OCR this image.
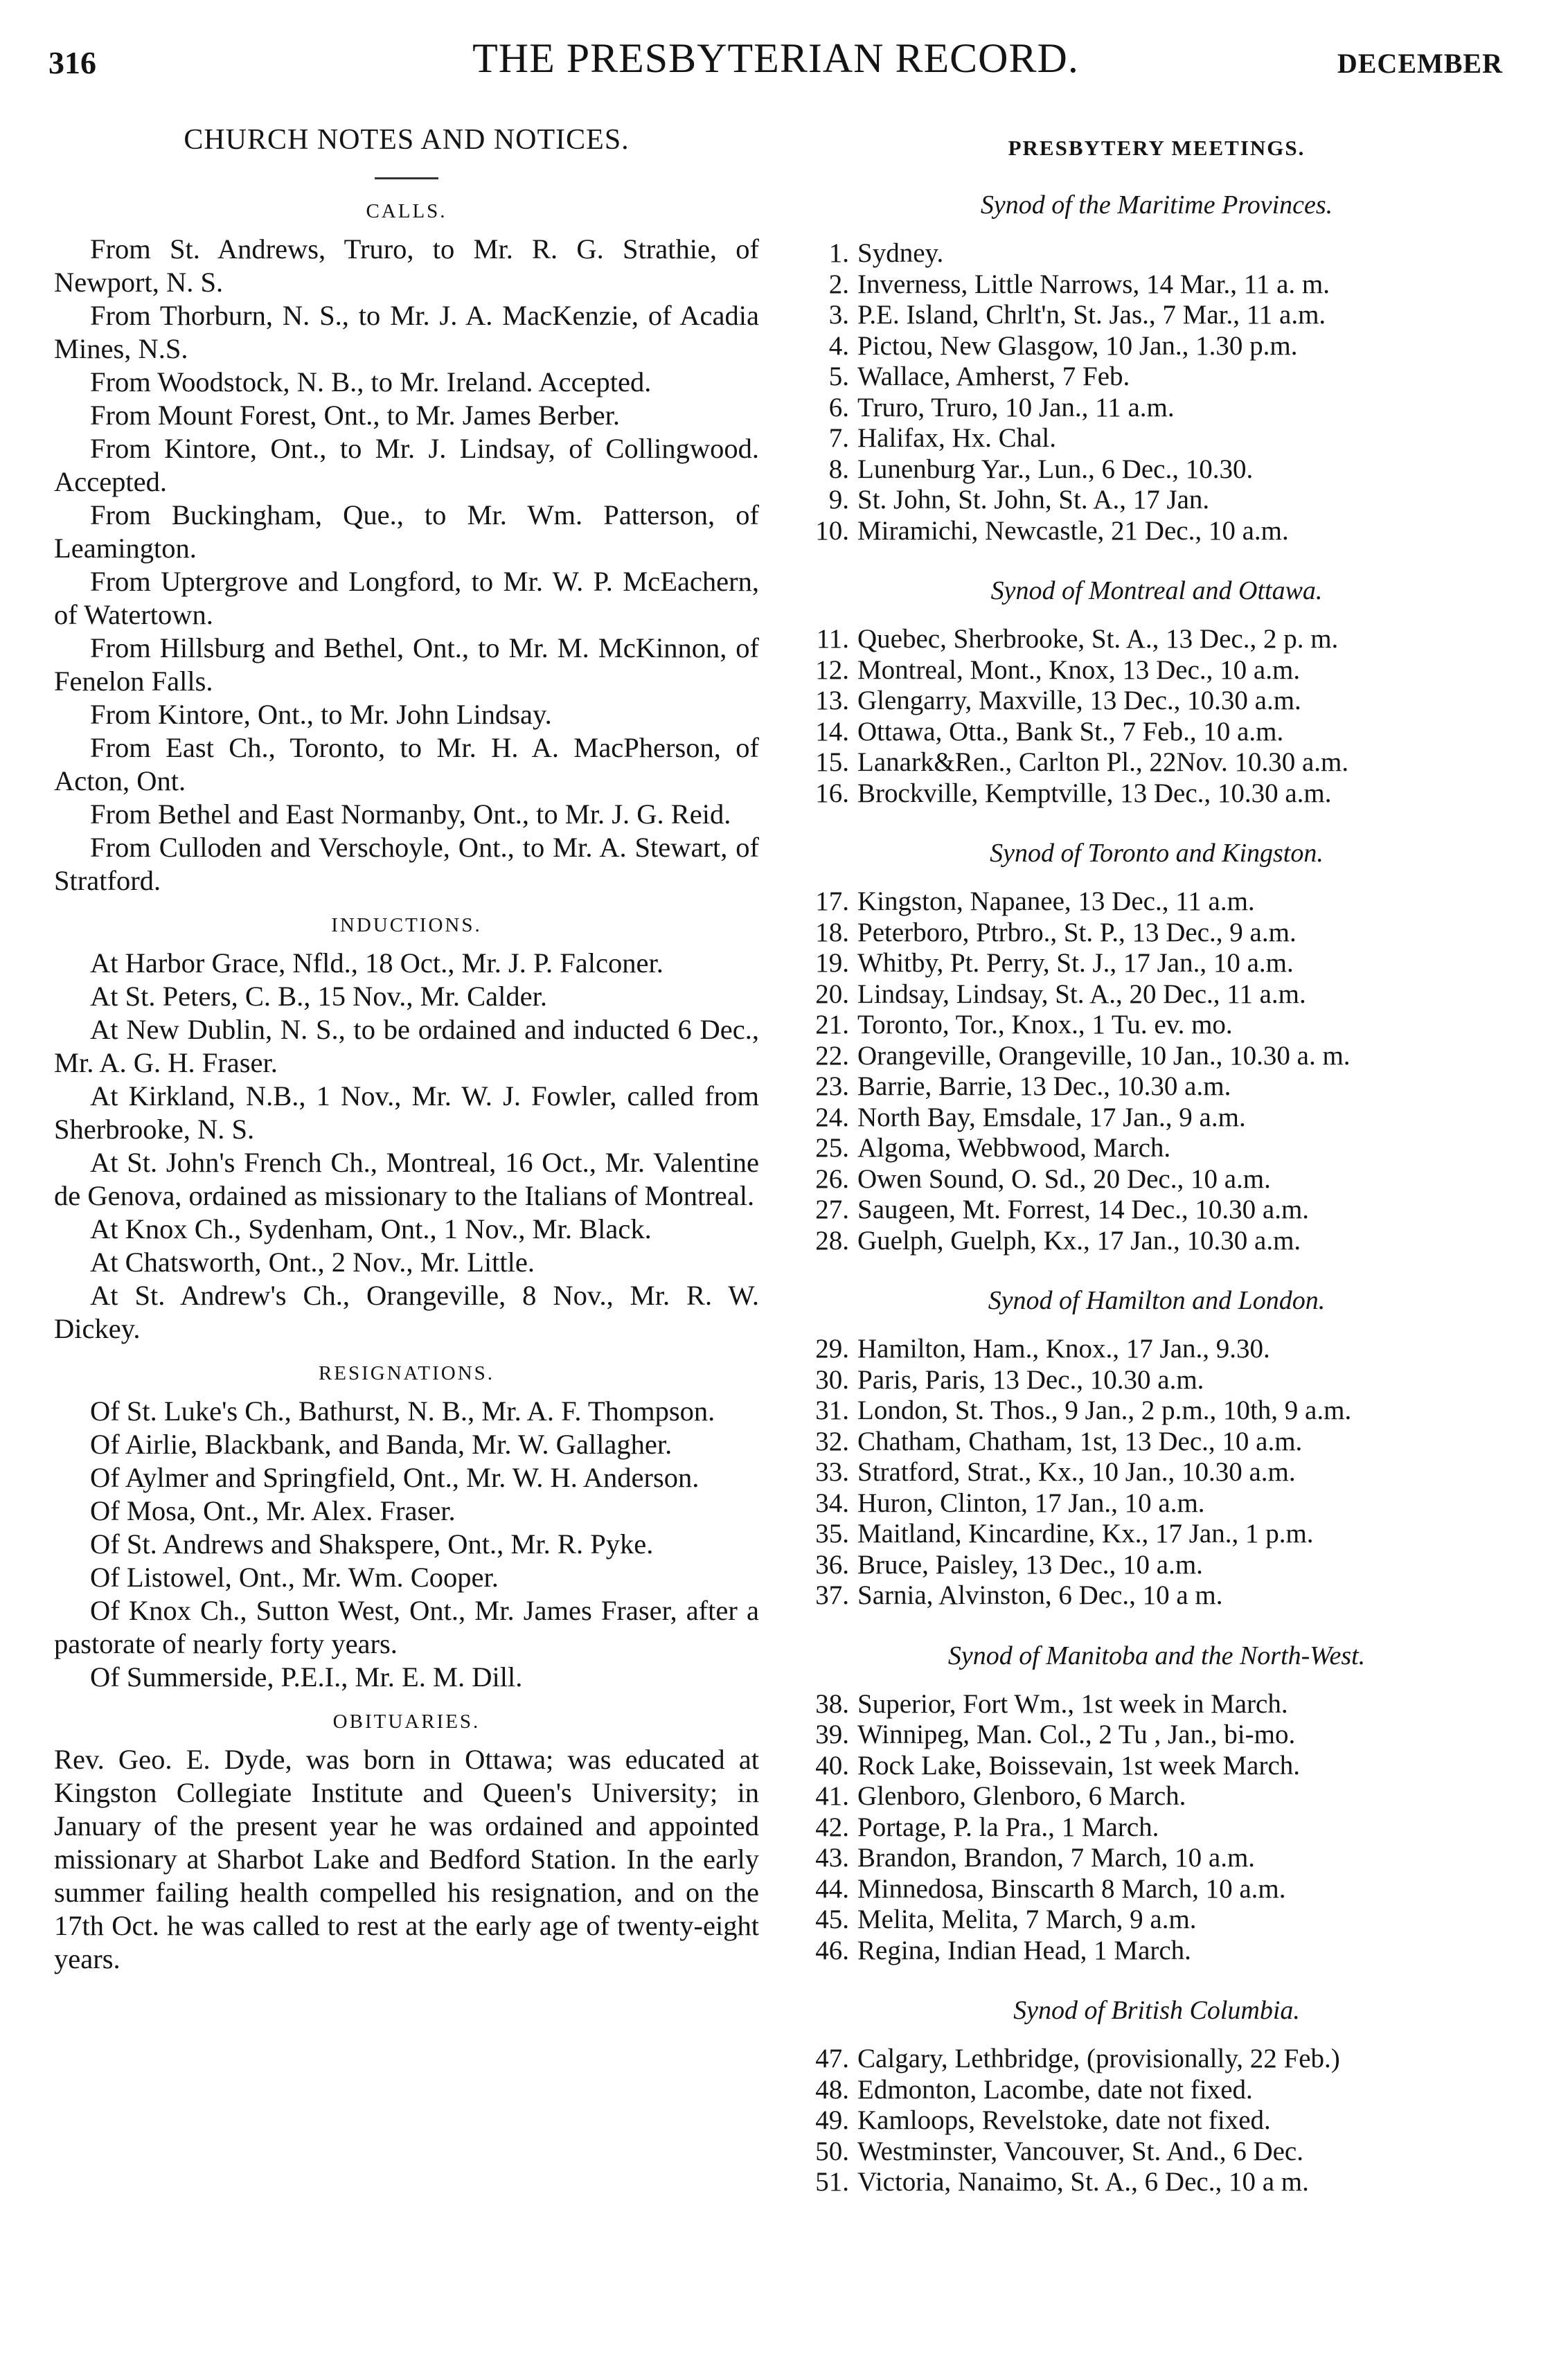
316	THE PRESBYTERIAN RECORD.	DECEMBER
CHURCH NOTES AND NOTICES.
CALLS.

From St. Andrews, Truro, to Mr. R. G. Strathie, of Newport, N. S.

From Thorburn, N. S., to Mr. J. A. MacKenzie, of Acadia Mines, N.S.

From Woodstock, N. B., to Mr. Ireland. Accepted.

From Mount Forest, Ont., to Mr. James Berber.

From Kintore, Ont., to Mr. J. Lindsay, of Collingwood. Accepted.

From Buckingham, Que., to Mr. Wm. Patterson, of Leamington.

From Uptergrove and Longford, to Mr. W. P. McEachern, of Watertown.

From Hillsburg and Bethel, Ont., to Mr. M. McKinnon, of Fenelon Falls.

From Kintore, Ont., to Mr. John Lindsay.

From East Ch., Toronto, to Mr. H. A. MacPherson, of Acton, Ont.

From Bethel and East Normanby, Ont., to Mr. J. G. Reid.

From Culloden and Verschoyle, Ont., to Mr. A. Stewart, of Stratford.

INDUCTIONS.

At Harbor Grace, Nfld., 18 Oct., Mr. J. P. Falconer.

At St. Peters, C. B., 15 Nov., Mr. Calder.

At New Dublin, N. S., to be ordained and inducted 6 Dec., Mr. A. G. H. Fraser.

At Kirkland, N.B., 1 Nov., Mr. W. J. Fowler, called from Sherbrooke, N. S.

At St. John's French Ch., Montreal, 16 Oct., Mr. Valentine de Genova, ordained as missionary to the Italians of Montreal.

At Knox Ch., Sydenham, Ont., 1 Nov., Mr. Black.

At Chatsworth, Ont., 2 Nov., Mr. Little.

At St. Andrew's Ch., Orangeville, 8 Nov., Mr. R. W. Dickey.

RESIGNATIONS.

Of St. Luke's Ch., Bathurst, N. B., Mr. A. F. Thompson.

Of Airlie, Blackbank, and Banda, Mr. W. Gallagher.

Of Aylmer and Springfield, Ont., Mr. W. H. Anderson.

Of Mosa, Ont., Mr. Alex. Fraser.

Of St. Andrews and Shakspere, Ont., Mr. R. Pyke.

Of Listowel, Ont., Mr. Wm. Cooper.

Of Knox Ch., Sutton West, Ont., Mr. James Fraser, after a pastorate of nearly forty years.

Of Summerside, P.E.I., Mr. E. M. Dill.

OBITUARIES.

Rev. Geo. E. Dyde, was born in Ottawa; was educated at Kingston Collegiate Institute and Queen's University; in January of the present year he was ordained and appointed missionary at Sharbot Lake and Bedford Station. In the early summer failing health compelled his resignation, and on the 17th Oct. he was called to rest at the early age of twenty-eight years.

PRESBYTERY MEETINGS.
Synod of the Maritime Provinces.
1. Sydney.
2. Inverness, Little Narrows, 14 Mar., 11 a. m.
3. P.E. Island, Chrlt'n, St. Jas., 7 Mar., 11 a.m.
4. Pictou, New Glasgow, 10 Jan., 1.30 p.m.
5. Wallace, Amherst, 7 Feb.
6. Truro, Truro, 10 Jan., 11 a.m.
7. Halifax, Hx. Chal.
8. Lunenburg Yar., Lun., 6 Dec., 10.30.
9. St. John, St. John, St. A., 17 Jan.
10. Miramichi, Newcastle, 21 Dec., 10 a.m.
Synod of Montreal and Ottawa.
11. Quebec, Sherbrooke, St. A., 13 Dec., 2 p. m.
12. Montreal, Mont., Knox, 13 Dec., 10 a.m.
13. Glengarry, Maxville, 13 Dec., 10.30 a.m.
14. Ottawa, Otta., Bank St., 7 Feb., 10 a.m.
15. Lanark&Ren., Carlton Pl., 22Nov. 10.30 a.m.
16. Brockville, Kemptville, 13 Dec., 10.30 a.m.
Synod of Toronto and Kingston.
17. Kingston, Napanee, 13 Dec., 11 a.m.
18. Peterboro, Ptrbro., St. P., 13 Dec., 9 a.m.
19. Whitby, Pt. Perry, St. J., 17 Jan., 10 a.m.
20. Lindsay, Lindsay, St. A., 20 Dec., 11 a.m.
21. Toronto, Tor., Knox., 1 Tu. ev. mo.
22. Orangeville, Orangeville, 10 Jan., 10.30 a. m.
23. Barrie, Barrie, 13 Dec., 10.30 a.m.
24. North Bay, Emsdale, 17 Jan., 9 a.m.
25. Algoma, Webbwood, March.
26. Owen Sound, O. Sd., 20 Dec., 10 a.m.
27. Saugeen, Mt. Forrest, 14 Dec., 10.30 a.m.
28. Guelph, Guelph, Kx., 17 Jan., 10.30 a.m.
Synod of Hamilton and London.
29. Hamilton, Ham., Knox., 17 Jan., 9.30.
30. Paris, Paris, 13 Dec., 10.30 a.m.
31. London, St. Thos., 9 Jan., 2 p.m., 10th, 9 a.m.
32. Chatham, Chatham, 1st, 13 Dec., 10 a.m.
33. Stratford, Strat., Kx., 10 Jan., 10.30 a.m.
34. Huron, Clinton, 17 Jan., 10 a.m.
35. Maitland, Kincardine, Kx., 17 Jan., 1 p.m.
36. Bruce, Paisley, 13 Dec., 10 a.m.
37. Sarnia, Alvinston, 6 Dec., 10 a m.
Synod of Manitoba and the North-West.
38. Superior, Fort Wm., 1st week in March.
39. Winnipeg, Man. Col., 2 Tu , Jan., bi-mo.
40. Rock Lake, Boissevain, 1st week March.
41. Glenboro, Glenboro, 6 March.
42. Portage, P. la Pra., 1 March.
43. Brandon, Brandon, 7 March, 10 a.m.
44. Minnedosa, Binscarth 8 March, 10 a.m.
45. Melita, Melita, 7 March, 9 a.m.
46. Regina, Indian Head, 1 March.
Synod of British Columbia.
47. Calgary, Lethbridge, (provisionally, 22 Feb.)
48. Edmonton, Lacombe, date not fixed.
49. Kamloops, Revelstoke, date not fixed.
50. Westminster, Vancouver, St. And., 6 Dec.
51. Victoria, Nanaimo, St. A., 6 Dec., 10 a m.
